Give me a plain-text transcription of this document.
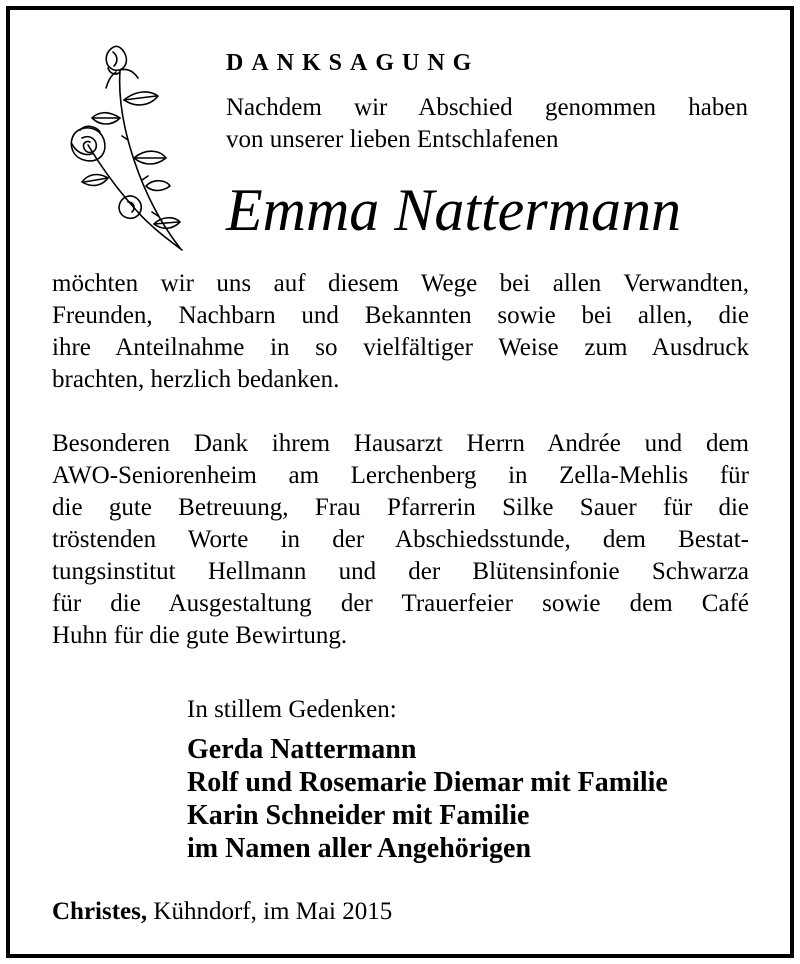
DANKSAGUNG
Nachdem wir Abschied genommen haben
von unserer lieben Entschlafenen
Emma Nattermann
möchten wir uns auf diesem Wege bei allen Verwandten,
Freunden, Nachbarn und Bekannten sowie bei allen, die
ihre Anteilnahme in so vielfältiger Weise zum Ausdruck
brachten, herzlich bedanken.
Besonderen Dank ihrem Hausarzt Herrn Andrée und dem
AWO-Seniorenheim am Lerchenberg in Zella-Mehlis für
die gute Betreuung, Frau Pfarrerin Silke Sauer für die
tröstenden Worte in der Abschiedsstunde, dem Bestat-
tungsinstitut Hellmann und der Blütensinfonie Schwarza
für die Ausgestaltung der Trauerfeier sowie dem Café
Huhn für die gute Bewirtung.
In stillem Gedenken:
Gerda Nattermann
Rolf und Rosemarie Diemar mit Familie
Karin Schneider mit Familie
im Namen aller Angehörigen
Christes, Kühndorf, im Mai 2015
